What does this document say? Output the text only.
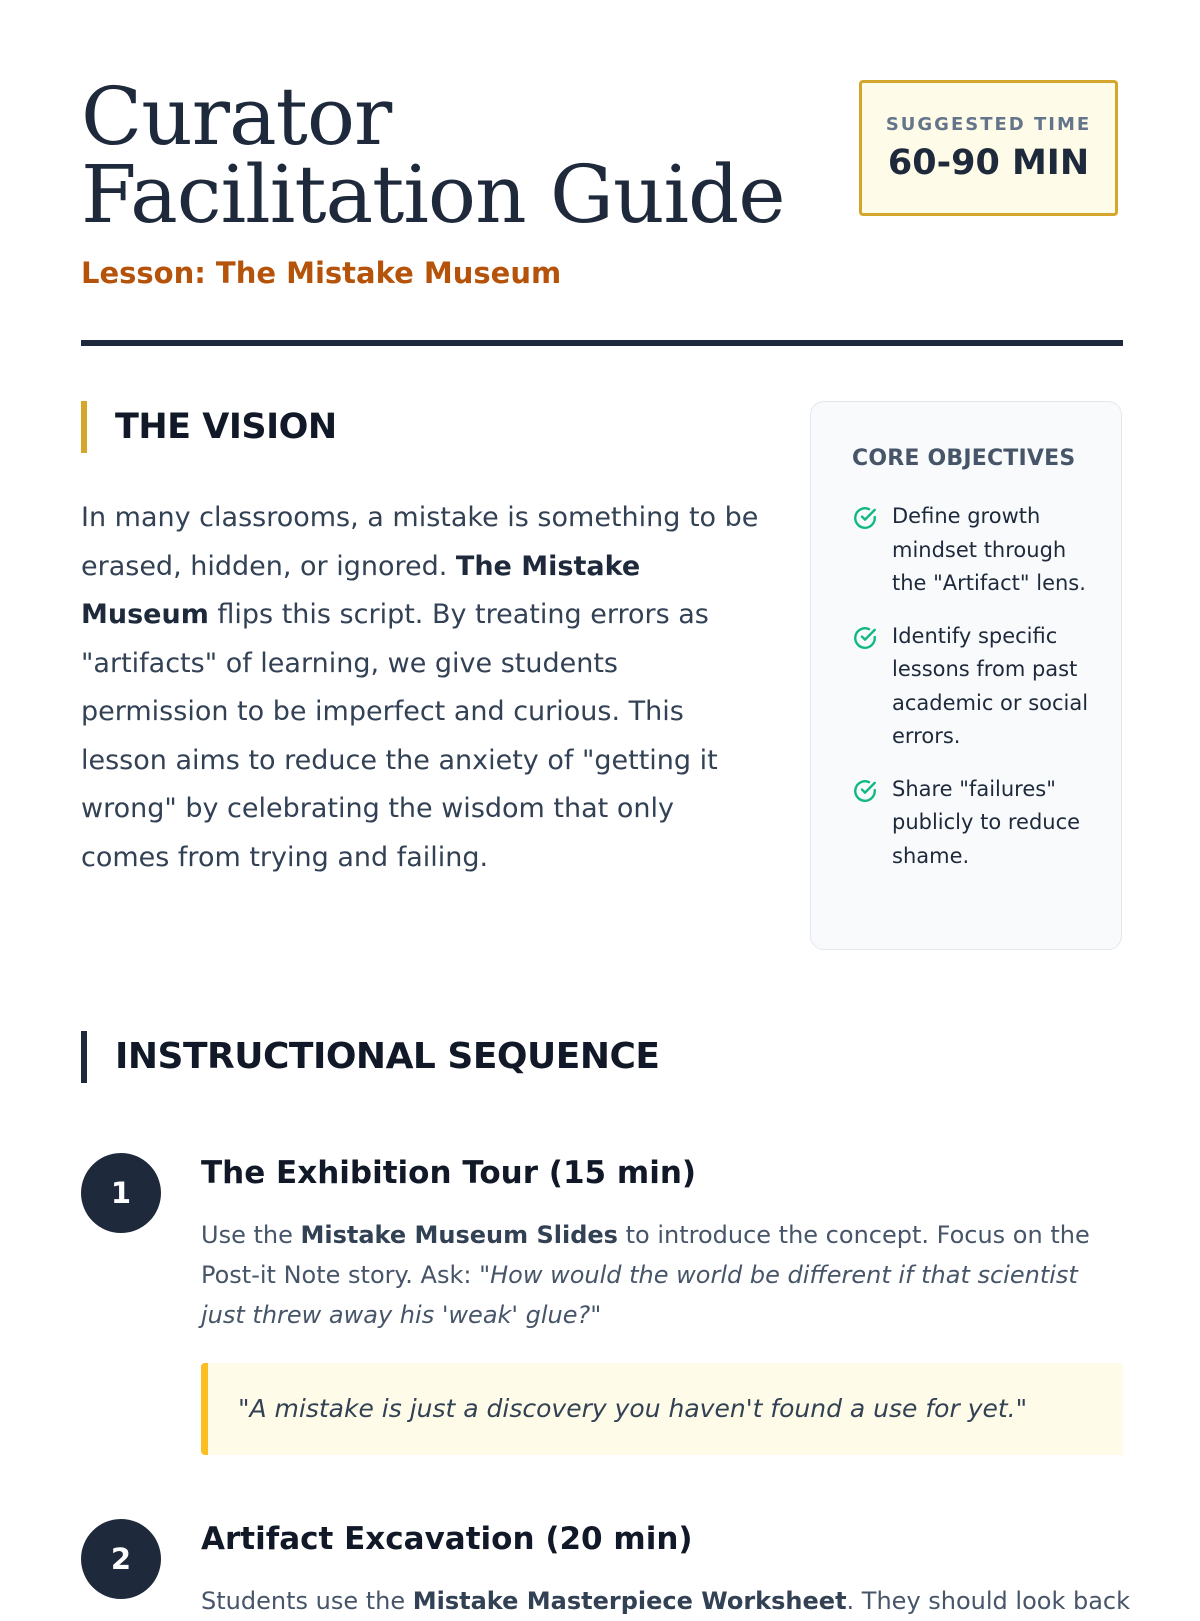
Curator Facilitation Guide
Lesson: The Mistake Museum
SUGGESTED TIME
60-90 MIN
THE VISION

In many classrooms, a mistake is something to be erased, hidden, or ignored. The Mistake Museum flips this script. By treating errors as "artifacts" of learning, we give students permission to be imperfect and curious. This lesson aims to reduce the anxiety of "getting it wrong" by celebrating the wisdom that only comes from trying and failing.

CORE OBJECTIVES
Define growth mindset through the "Artifact" lens.
Identify specific lessons from past academic or social errors.
Share "failures" publicly to reduce shame.
INSTRUCTIONAL SEQUENCE
1
The Exhibition Tour (15 min)

Use the Mistake Museum Slides to introduce the concept. Focus on the Post-it Note story. Ask: "How would the world be different if that scientist just threw away his 'weak' glue?"

"A mistake is just a discovery you haven't found a use for yet."
2
Artifact Excavation (20 min)

Students use the Mistake Masterpiece Worksheet. They should look back
